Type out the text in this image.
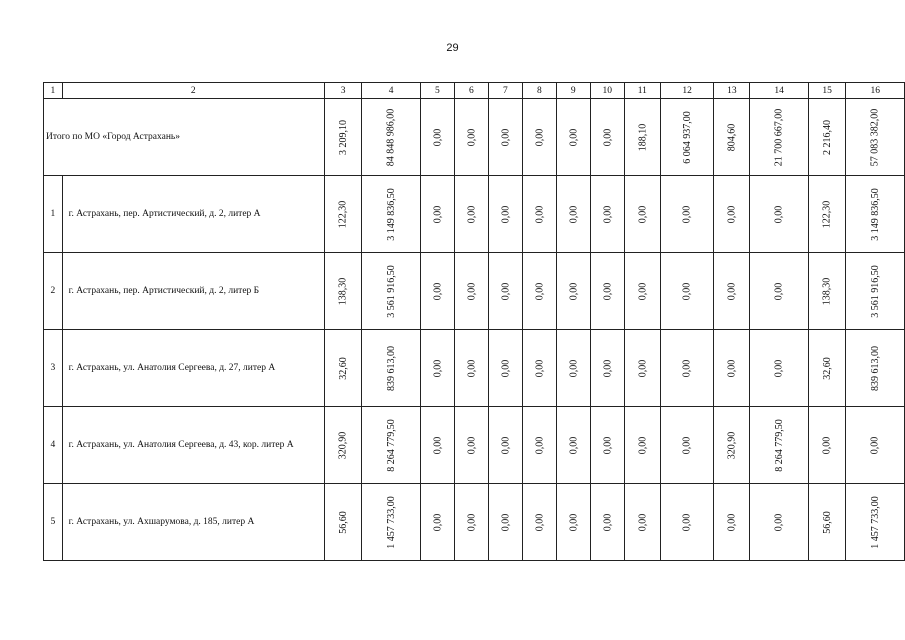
29
1	2	3	4	5	6	7	8	9	10	11	12	13	14	15	16
Итого по МО «Город Астрахань»		3 209,10	84 848 986,00	0,00	0,00	0,00	0,00	0,00	0,00	188,10	6 064 937,00	804,60	21 700 667,00	2 216,40	57 083 382,00
1	г. Астрахань, пер. Артистический, д. 2, литер А	122,30	3 149 836,50	0,00	0,00	0,00	0,00	0,00	0,00	0,00	0,00	0,00	0,00	122,30	3 149 836,50
2	г. Астрахань, пер. Артистический, д. 2, литер Б	138,30	3 561 916,50	0,00	0,00	0,00	0,00	0,00	0,00	0,00	0,00	0,00	0,00	138,30	3 561 916,50
3	г. Астрахань, ул. Анатолия Сергеева, д. 27, литер А	32,60	839 613,00	0,00	0,00	0,00	0,00	0,00	0,00	0,00	0,00	0,00	0,00	32,60	839 613,00
4	г. Астрахань, ул. Анатолия Сергеева, д. 43, кор. литер А	320,90	8 264 779,50	0,00	0,00	0,00	0,00	0,00	0,00	0,00	0,00	320,90	8 264 779,50	0,00	0,00
5	г. Астрахань, ул. Ахшарумова, д. 185, литер А	56,60	1 457 733,00	0,00	0,00	0,00	0,00	0,00	0,00	0,00	0,00	0,00	0,00	56,60	1 457 733,00
